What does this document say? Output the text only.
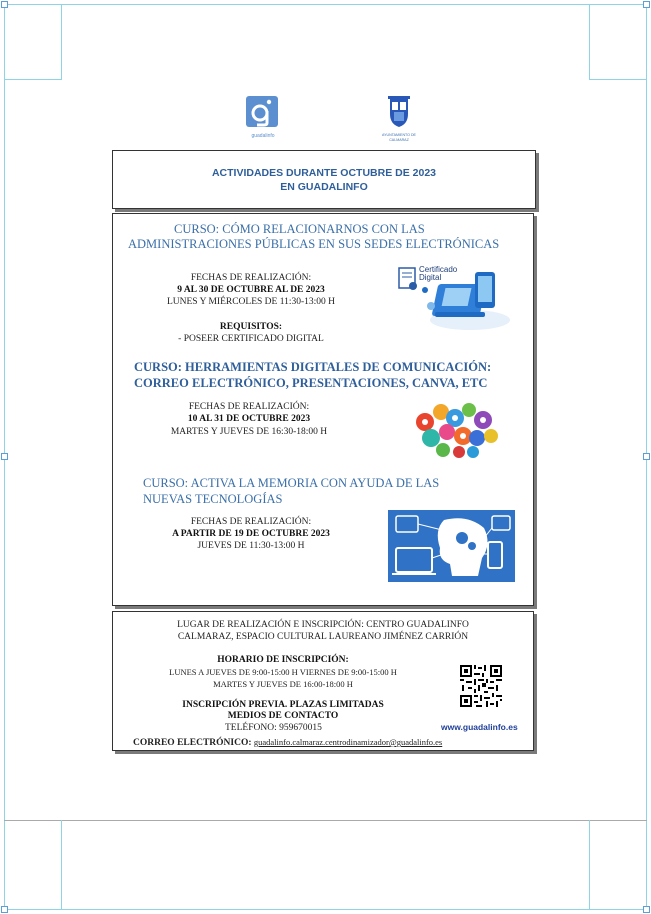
guadalinfo	AYUNTAMIENTO DE CALMARAZ
ACTIVIDADES DURANTE OCTUBRE DE 2023
EN GUADALINFO
CURSO: CÓMO RELACIONARNOS CON LAS
ADMINISTRACIONES PÚBLICAS EN SUS SEDES ELECTRÓNICAS
FECHAS DE REALIZACIÓN:
9 AL 30 DE OCTUBRE AL DE 2023
LUNES Y MIÉRCOLES DE 11:30-13:00 H
REQUISITOS:
- POSEER CERTIFICADO DIGITAL
Certificado Digital
CURSO: HERRAMIENTAS DIGITALES DE COMUNICACIÓN:
CORREO ELECTRÓNICO, PRESENTACIONES, CANVA, ETC
FECHAS DE REALIZACIÓN:
10 AL 31 DE OCTUBRE 2023
MARTES Y JUEVES DE 16:30-18:00 H
CURSO: ACTIVA LA MEMORIA CON AYUDA DE LAS
NUEVAS TECNOLOGÍAS
FECHAS DE REALIZACIÓN:
A PARTIR DE 19 DE OCTUBRE 2023
JUEVES DE 11:30-13:00 H
LUGAR DE REALIZACIÓN E INSCRIPCIÓN: CENTRO GUADALINFO
CALMARAZ, ESPACIO CULTURAL LAUREANO JIMÉNEZ CARRIÓN
HORARIO DE INSCRIPCIÓN:
LUNES A JUEVES DE 9:00-15:00 H VIERNES DE 9:00-15:00 H
MARTES Y JUEVES DE 16:00-18:00 H
INSCRIPCIÓN PREVIA. PLAZAS LIMITADAS
MEDIOS DE CONTACTO
TELÉFONO: 959670015	www.guadalinfo.es
CORREO ELECTRÓNICO: guadalinfo.calmaraz.centrodinamizador@guadalinfo.es
